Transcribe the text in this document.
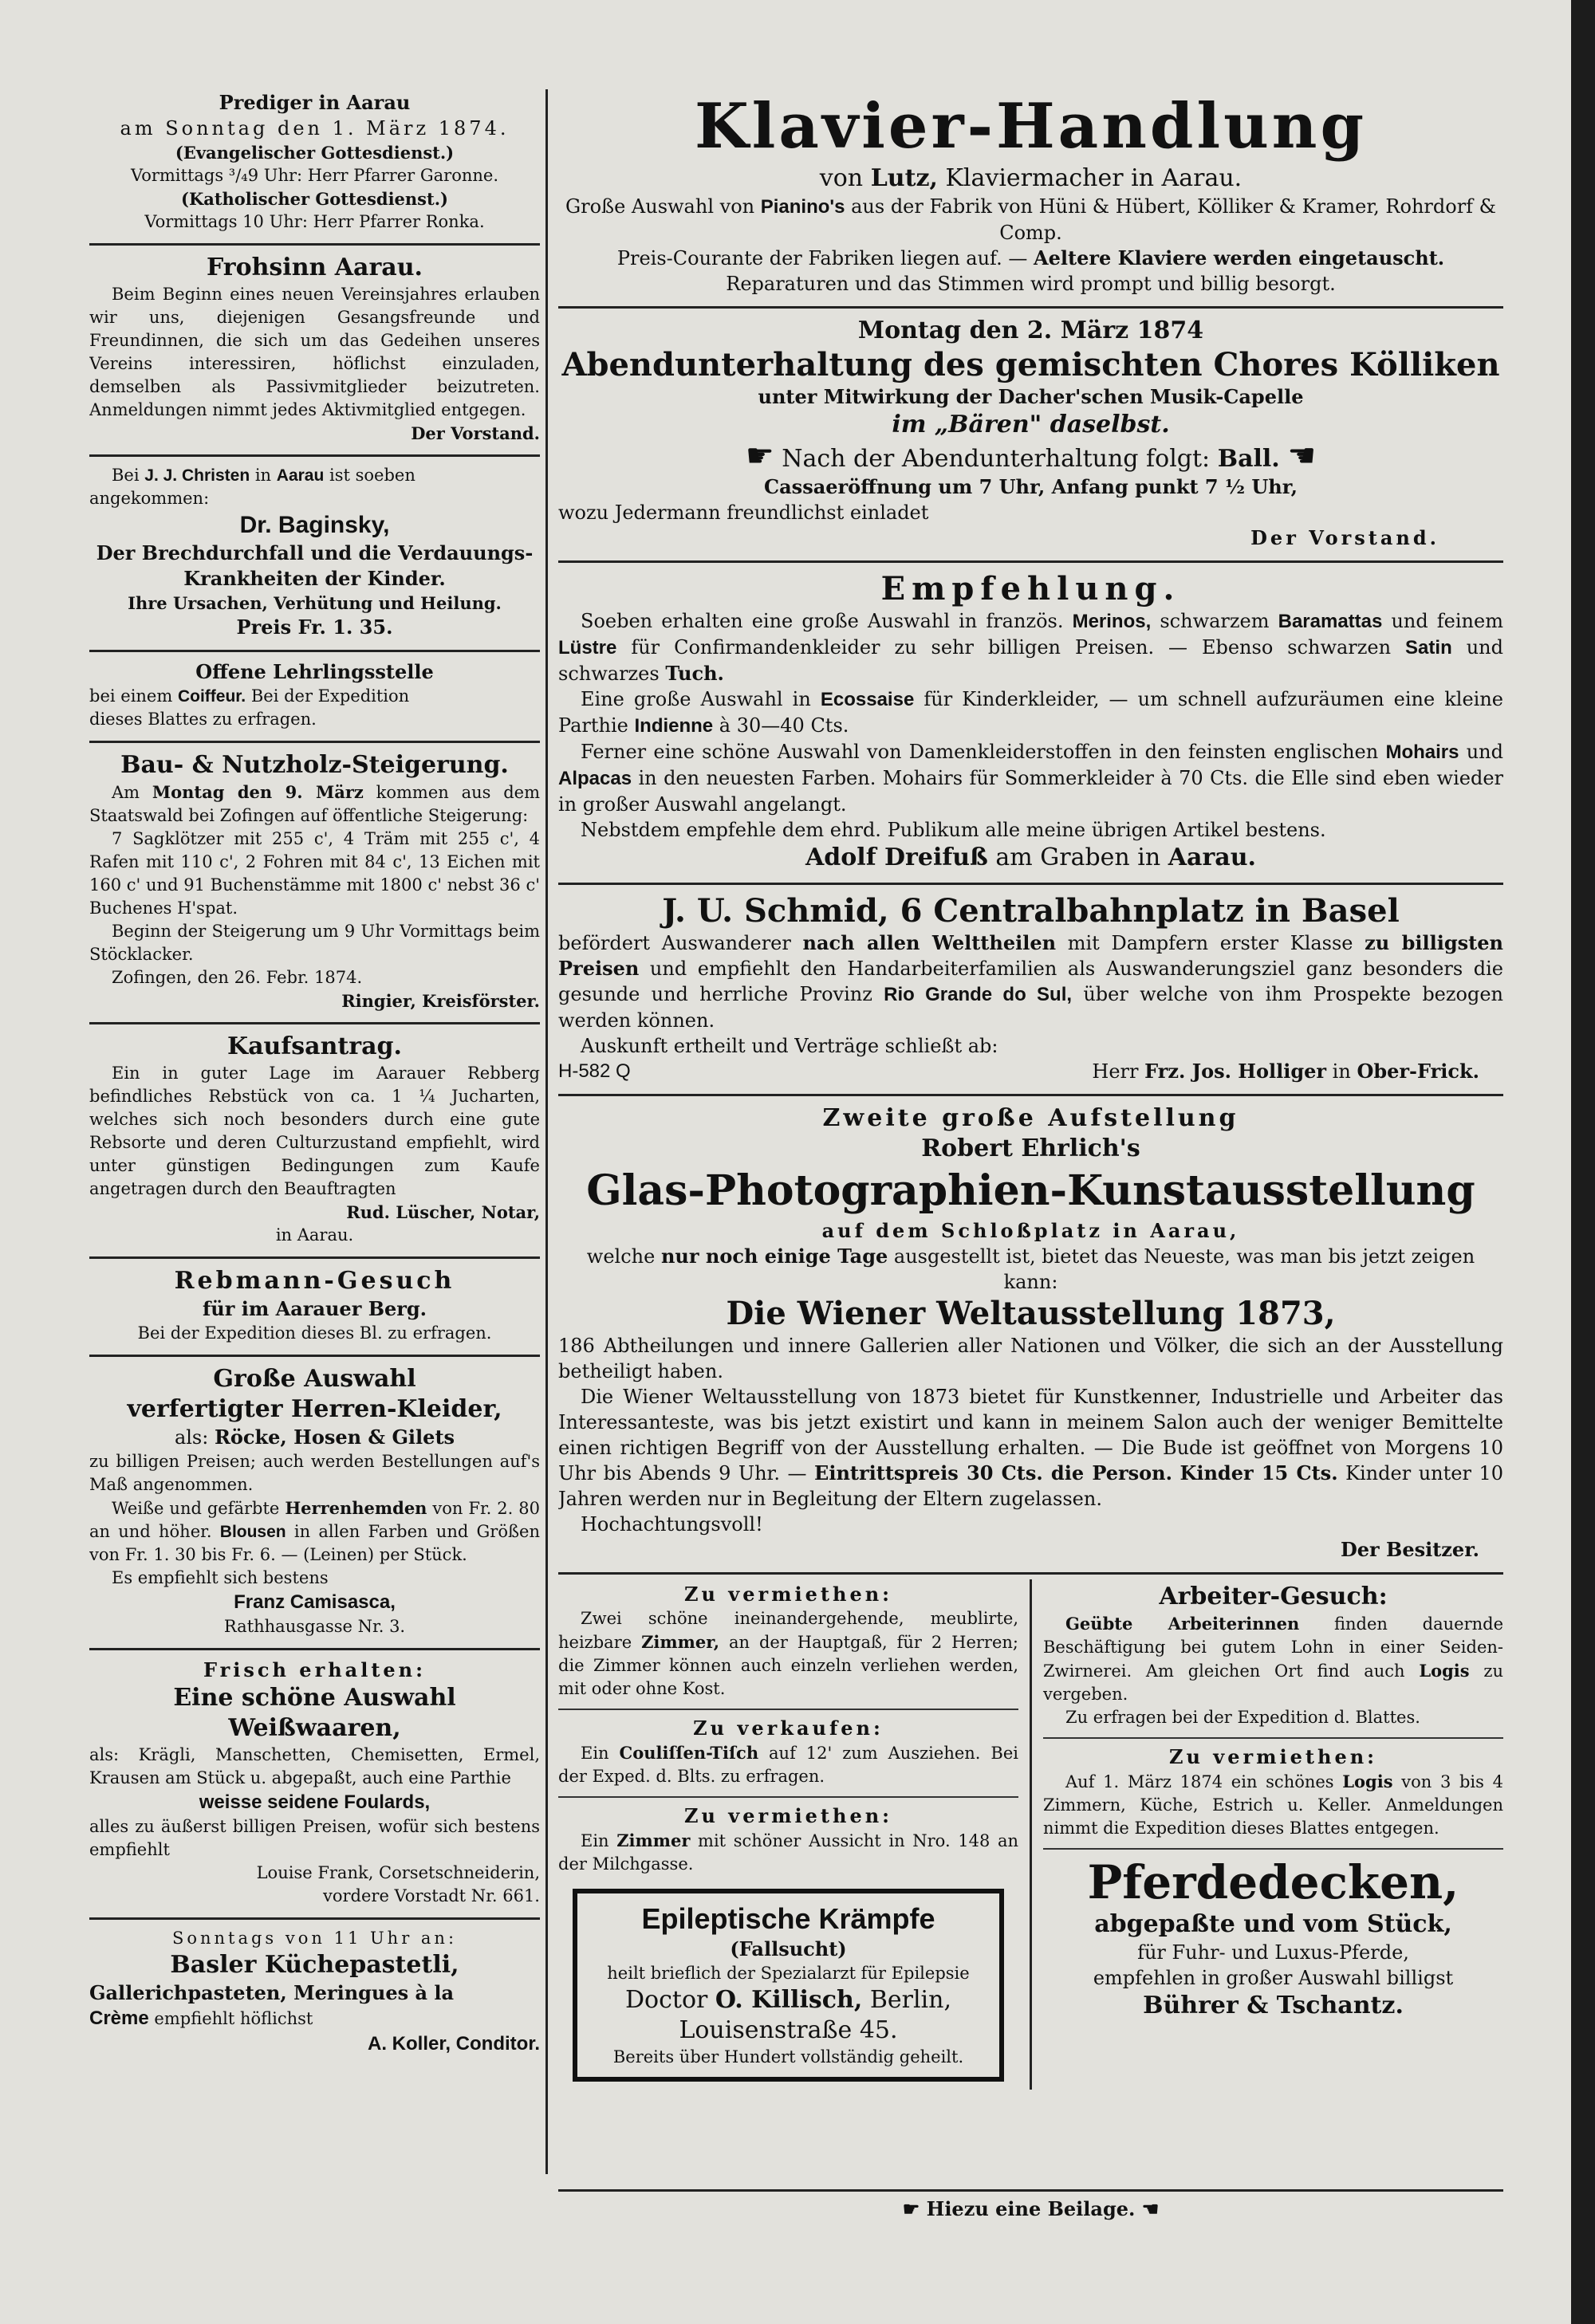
Prediger in Aarau
am Sonntag den 1. März 1874.
(Evangelischer Gottesdienst.)
Vormittags ³/₄9 Uhr: Herr Pfarrer Garonne.
(Katholischer Gottesdienst.)
Vormittags 10 Uhr: Herr Pfarrer Ronka.
Frohsinn Aarau.
Beim Beginn eines neuen Vereinsjahres erlauben wir uns, diejenigen Gesangsfreunde und Freundinnen, die sich um das Gedeihen unseres Vereins interessiren, höflichst einzuladen, demselben als Passivmitglieder beizutreten. Anmeldungen nimmt jedes Aktivmitglied entgegen.
Der Vorstand.
Bei J. J. Christen in Aarau ist soeben angekommen:
Dr. Baginsky,
Der Brechdurchfall und die Verdauungs-Krankheiten der Kinder.
Ihre Ursachen, Verhütung und Heilung.
Preis Fr. 1. 35.
Offene Lehrlingsstelle
bei einem Coiffeur. Bei der Expedition
dieses Blattes zu erfragen.
Bau- & Nutzholz-Steigerung.
Am Montag den 9. März kommen aus dem Staatswald bei Zofingen auf öffentliche Steigerung:
7 Sagklötzer mit 255 c', 4 Träm mit 255 c', 4 Rafen mit 110 c', 2 Fohren mit 84 c', 13 Eichen mit 160 c' und 91 Buchenstämme mit 1800 c' nebst 36 c' Buchenes H'spat.
Beginn der Steigerung um 9 Uhr Vormittags beim Stöcklacker.
Zofingen, den 26. Febr. 1874.
Ringier, Kreisförster.
Kaufsantrag.
Ein in guter Lage im Aarauer Rebberg befindliches Rebstück von ca. 1 ¼ Jucharten, welches sich noch besonders durch eine gute Rebsorte und deren Culturzustand empfiehlt, wird unter günstigen Bedingungen zum Kaufe angetragen durch den Beauftragten
Rud. Lüscher, Notar,
in Aarau.
Rebmann-Gesuch
für im Aarauer Berg.
Bei der Expedition dieses Bl. zu erfragen.
Große Auswahl
verfertigter Herren-Kleider,
als: Röcke, Hosen & Gilets
zu billigen Preisen; auch werden Bestellungen auf's Maß angenommen.
Weiße und gefärbte Herrenhemden von Fr. 2. 80 an und höher. Blousen in allen Farben und Größen von Fr. 1. 30 bis Fr. 6. — (Leinen) per Stück.
Es empfiehlt sich bestens
Franz Camisasca,
Rathhausgasse Nr. 3.
Frisch erhalten:
Eine schöne Auswahl Weißwaaren,
als: Krägli, Manschetten, Chemisetten, Ermel, Krausen am Stück u. abgepaßt, auch eine Parthie
weisse seidene Foulards,
alles zu äußerst billigen Preisen, wofür sich bestens empfiehlt
Louise Frank, Corsetschneiderin,
vordere Vorstadt Nr. 661.
Sonntags von 11 Uhr an:
Basler Küchepastetli,
Gallerichpasteten, Meringues à la
Crème empfiehlt höflichst
A. Koller, Conditor.
Klavier-Handlung
von Lutz, Klaviermacher in Aarau.
Große Auswahl von Pianino's aus der Fabrik von Hüni & Hübert, Kölliker & Kramer, Rohrdorf & Comp.
Preis-Courante der Fabriken liegen auf. — Aeltere Klaviere werden eingetauscht.
Reparaturen und das Stimmen wird prompt und billig besorgt.
Montag den 2. März 1874
Abendunterhaltung des gemischten Chores Kölliken
unter Mitwirkung der Dacher'schen Musik-Capelle
im „Bären" daselbst.
☛ Nach der Abendunterhaltung folgt: Ball. ☚
Cassaeröffnung um 7 Uhr, Anfang punkt 7 ½ Uhr,
wozu Jedermann freundlichst einladet
Der Vorstand.
Empfehlung.
Soeben erhalten eine große Auswahl in französ. Merinos, schwarzem Baramattas und feinem Lüstre für Confirmandenkleider zu sehr billigen Preisen. — Ebenso schwarzen Satin und schwarzes Tuch.
Eine große Auswahl in Ecossaise für Kinderkleider, — um schnell aufzuräumen eine kleine Parthie Indienne à 30—40 Cts.
Ferner eine schöne Auswahl von Damenkleiderstoffen in den feinsten englischen Mohairs und Alpacas in den neuesten Farben. Mohairs für Sommerkleider à 70 Cts. die Elle sind eben wieder in großer Auswahl angelangt.
Nebstdem empfehle dem ehrd. Publikum alle meine übrigen Artikel bestens.
Adolf Dreifuß am Graben in Aarau.
J. U. Schmid, 6 Centralbahnplatz in Basel
befördert Auswanderer nach allen Welttheilen mit Dampfern erster Klasse zu billigsten Preisen und empfiehlt den Handarbeiterfamilien als Auswanderungsziel ganz besonders die gesunde und herrliche Provinz Rio Grande do Sul, über welche von ihm Prospekte bezogen werden können.
Auskunft ertheilt und Verträge schließt ab:
H-582 Q	Herr Frz. Jos. Holliger in Ober-Frick.
Zweite große Aufstellung
Robert Ehrlich's
Glas-Photographien-Kunstausstellung
auf dem Schloßplatz in Aarau,
welche nur noch einige Tage ausgestellt ist, bietet das Neueste, was man bis jetzt zeigen kann:
Die Wiener Weltausstellung 1873,
186 Abtheilungen und innere Gallerien aller Nationen und Völker, die sich an der Ausstellung betheiligt haben.
Die Wiener Weltausstellung von 1873 bietet für Kunstkenner, Industrielle und Arbeiter das Interessanteste, was bis jetzt existirt und kann in meinem Salon auch der weniger Bemittelte einen richtigen Begriff von der Ausstellung erhalten. — Die Bude ist geöffnet von Morgens 10 Uhr bis Abends 9 Uhr. — Eintrittspreis 30 Cts. die Person. Kinder 15 Cts. Kinder unter 10 Jahren werden nur in Begleitung der Eltern zugelassen.
Hochachtungsvoll!
Der Besitzer.
Zu vermiethen:
Zwei schöne ineinandergehende, meublirte, heizbare Zimmer, an der Hauptgaß, für 2 Herren; die Zimmer können auch einzeln verliehen werden, mit oder ohne Kost.
Zu verkaufen:
Ein Couliſſen-Tiſch auf 12' zum Ausziehen. Bei der Exped. d. Blts. zu erfragen.
Zu vermiethen:
Ein Zimmer mit schöner Aussicht in Nro. 148 an der Milchgasse.
Epileptische Krämpfe
(Fallsucht)
heilt brieflich der Spezialarzt für Epilepsie
Doctor O. Killisch, Berlin,
Louisenstraße 45.
Bereits über Hundert vollständig geheilt.
Arbeiter-Gesuch:
Geübte Arbeiterinnen finden dauernde Beschäftigung bei gutem Lohn in einer Seiden-Zwirnerei. Am gleichen Ort find auch Logis zu vergeben.
Zu erfragen bei der Expedition d. Blattes.
Zu vermiethen:
Auf 1. März 1874 ein schönes Logis von 3 bis 4 Zimmern, Küche, Estrich u. Keller. Anmeldungen nimmt die Expedition dieses Blattes entgegen.
Pferdedecken,
abgepaßte und vom Stück,
für Fuhr- und Luxus-Pferde,
empfehlen in großer Auswahl billigst
Bührer & Tschantz.
☛ Hiezu eine Beilage. ☚
